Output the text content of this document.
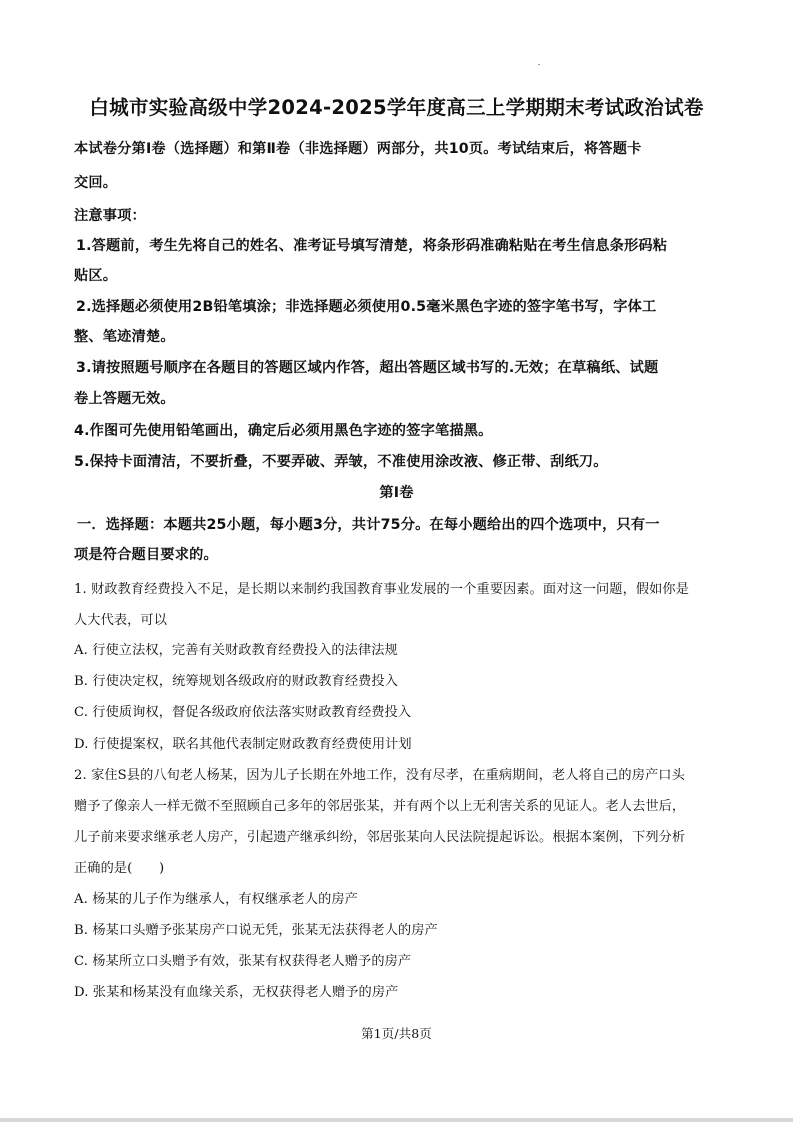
白城市实验高级中学2024-2025学年度高三上学期期末考试政治试卷
本试卷分第Ⅰ卷（选择题）和第Ⅱ卷（非选择题）两部分，共10页。考试结束后，将答题卡
交回。
注意事项：
1.答题前，考生先将自己的姓名、准考证号填写清楚，将条形码准确粘贴在考生信息条形码粘
贴区。
2.选择题必须使用2B铅笔填涂；非选择题必须使用0.5毫米黑色字迹的签字笔书写，字体工
整、笔迹清楚。
3.请按照题号顺序在各题目的答题区域内作答，超出答题区域书写的.无效；在草稿纸、试题
卷上答题无效。
4.作图可先使用铅笔画出，确定后必须用黑色字迹的签字笔描黑。
5.保持卡面清洁，不要折叠，不要弄破、弄皱，不准使用涂改液、修正带、刮纸刀。
第Ⅰ卷
一．选择题：本题共25小题，每小题3分，共计75分。在每小题给出的四个选项中，只有一
项是符合题目要求的。
1. 财政教育经费投入不足，是长期以来制约我国教育事业发展的一个重要因素。面对这一问题，假如你是
人大代表，可以
A. 行使立法权，完善有关财政教育经费投入的法律法规
B. 行使决定权，统筹规划各级政府的财政教育经费投入
C. 行使质询权，督促各级政府依法落实财政教育经费投入
D. 行使提案权，联名其他代表制定财政教育经费使用计划
2. 家住S县的八旬老人杨某，因为儿子长期在外地工作，没有尽孝，在重病期间，老人将自己的房产口头
赠予了像亲人一样无微不至照顾自己多年的邻居张某，并有两个以上无利害关系的见证人。老人去世后，
儿子前来要求继承老人房产，引起遗产继承纠纷，邻居张某向人民法院提起诉讼。根据本案例，下列分析
正确的是(　　)
A. 杨某的儿子作为继承人，有权继承老人的房产
B. 杨某口头赠予张某房产口说无凭，张某无法获得老人的房产
C. 杨某所立口头赠予有效，张某有权获得老人赠予的房产
D. 张某和杨某没有血缘关系，无权获得老人赠予的房产
第1页/共8页
